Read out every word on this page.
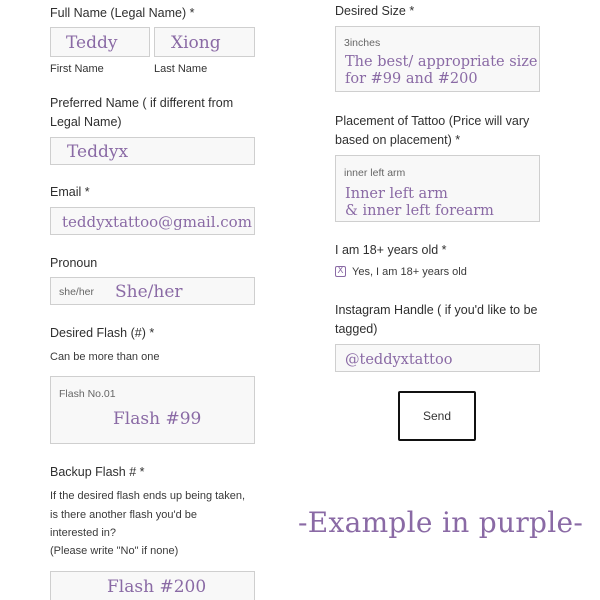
Full Name (Legal Name) *
Teddy	Xiong
First Name	Last Name
Preferred Name ( if different from
Legal Name)
Teddyx
Email *
teddyxtattoo@gmail.com
Pronoun
she/her She/her
Desired Flash (#) *
Can be more than one
Flash No.01
Flash #99
Backup Flash # *
If the desired flash ends up being taken,
is there another flash you'd be
interested in?
(Please write "No" if none)
Flash #200
Desired Size *
3inches
The best/ appropriate size
for #99 and #200
Placement of Tattoo (Price will vary
based on placement) *
inner left arm
Inner left arm
& inner left forearm
I am 18+ years old *
X Yes, I am 18+ years old
Instagram Handle ( if you'd like to be
tagged)
@teddyxtattoo
Send
-Example in purple-
